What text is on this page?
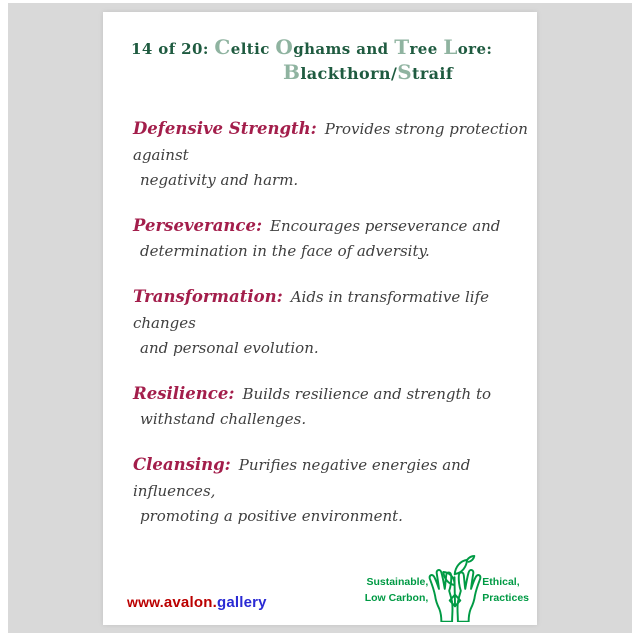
14 of 20: Celtic Oghams and Tree Lore:
Blackthorn/Straif

Defensive Strength: Provides strong protection against
negativity and harm.

Perseverance: Encourages perseverance and
determination in the face of adversity.

Transformation: Aids in transformative life changes
and personal evolution.

Resilience: Builds resilience and strength to
withstand challenges.

Cleansing: Purifies negative energies and influences,
promoting a positive environment.

www.avalon.gallery
Sustainable,
Low Carbon,
Ethical,
Practices
